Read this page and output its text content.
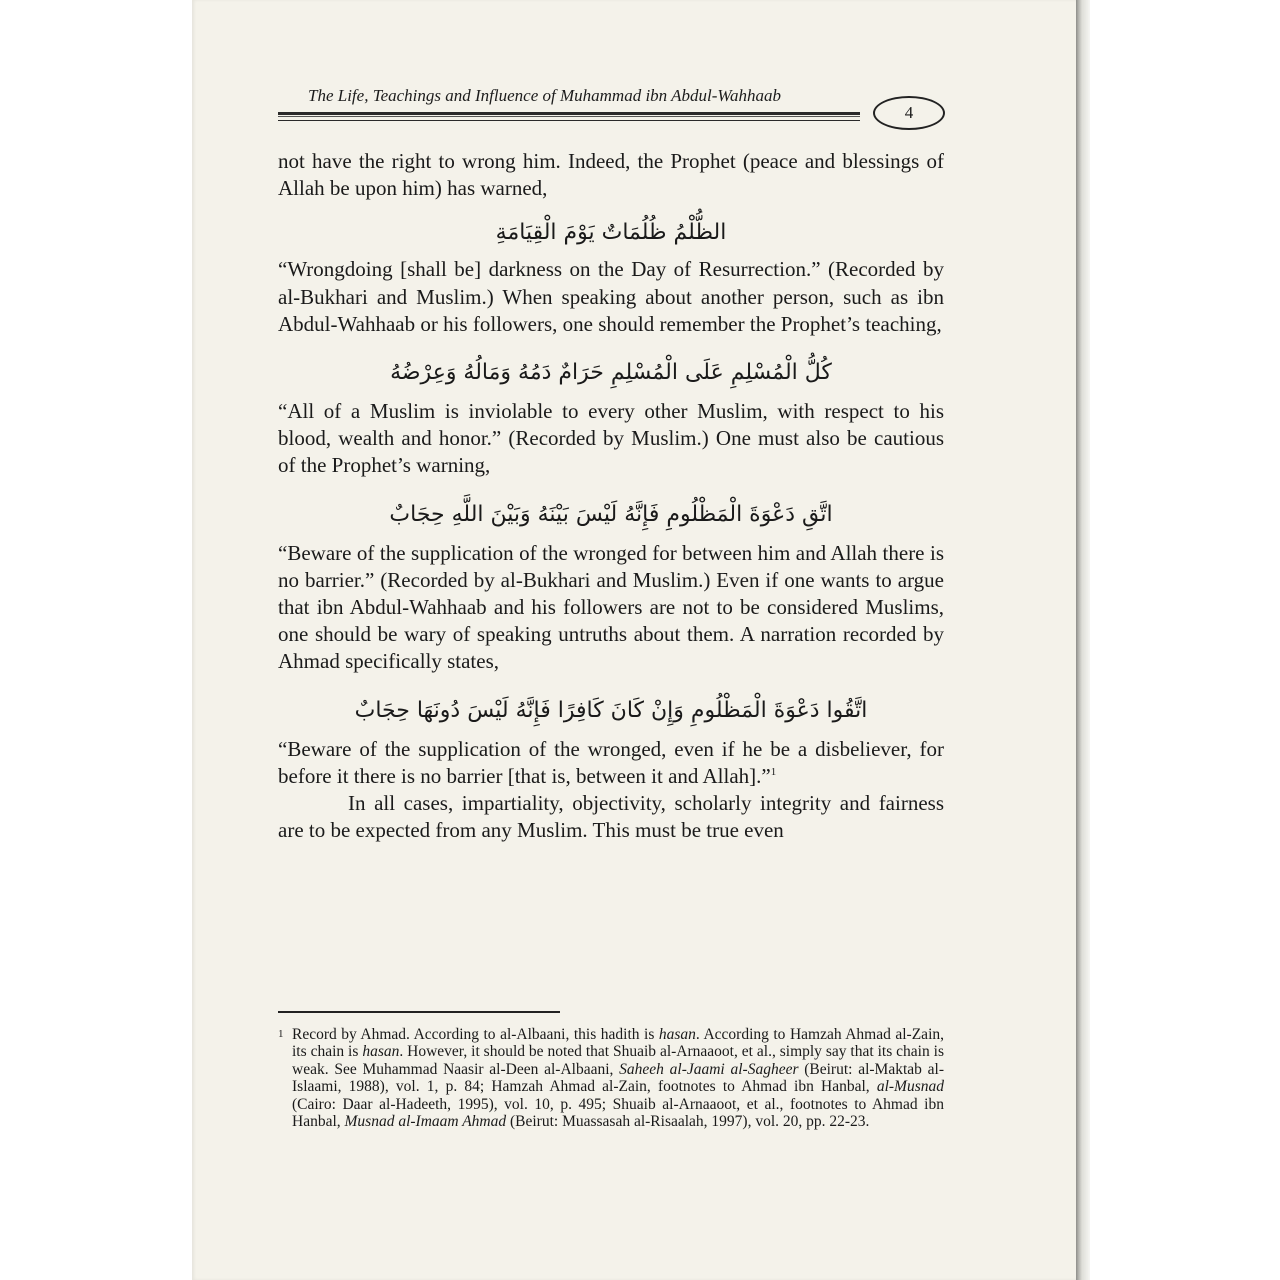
The Life, Teachings and Influence of Muhammad ibn Abdul-Wahhaab
4

not have the right to wrong him. Indeed, the Prophet (peace and blessings of Allah be upon him) has warned,

الظُّلْمُ ظُلُمَاتٌ يَوْمَ الْقِيَامَةِ

“Wrongdoing [shall be] darkness on the Day of Resurrection.” (Recorded by al-Bukhari and Muslim.) When speaking about another person, such as ibn Abdul-Wahhaab or his followers, one should remember the Prophet’s teaching,

كُلُّ الْمُسْلِمِ عَلَى الْمُسْلِمِ حَرَامٌ دَمُهُ وَمَالُهُ وَعِرْضُهُ

“All of a Muslim is inviolable to every other Muslim, with respect to his blood, wealth and honor.” (Recorded by Muslim.) One must also be cautious of the Prophet’s warning,

اتَّقِ دَعْوَةَ الْمَظْلُومِ فَإِنَّهُ لَيْسَ بَيْنَهُ وَبَيْنَ اللَّهِ حِجَابٌ

“Beware of the supplication of the wronged for between him and Allah there is no barrier.” (Recorded by al-Bukhari and Muslim.) Even if one wants to argue that ibn Abdul-Wahhaab and his followers are not to be considered Muslims, one should be wary of speaking untruths about them. A narration recorded by Ahmad specifically states,

اتَّقُوا دَعْوَةَ الْمَظْلُومِ وَإِنْ كَانَ كَافِرًا فَإِنَّهُ لَيْسَ دُونَهَا حِجَابٌ

“Beware of the supplication of the wronged, even if he be a disbeliever, for before it there is no barrier [that is, between it and Allah].”$^1$

In all cases, impartiality, objectivity, scholarly integrity and fairness are to be expected from any Muslim. This must be true even

1 Record by Ahmad. According to al-Albaani, this hadith is hasan. According to Hamzah Ahmad al-Zain, its chain is hasan. However, it should be noted that Shuaib al-Arnaaoot, et al., simply say that its chain is weak. See Muhammad Naasir al-Deen al-Albaani, Saheeh al-Jaami al-Sagheer (Beirut: al-Maktab al-Islaami, 1988), vol. 1, p. 84; Hamzah Ahmad al-Zain, footnotes to Ahmad ibn Hanbal, al-Musnad (Cairo: Daar al-Hadeeth, 1995), vol. 10, p. 495; Shuaib al-Arnaaoot, et al., footnotes to Ahmad ibn Hanbal, Musnad al-Imaam Ahmad (Beirut: Muassasah al-Risaalah, 1997), vol. 20, pp. 22-23.
